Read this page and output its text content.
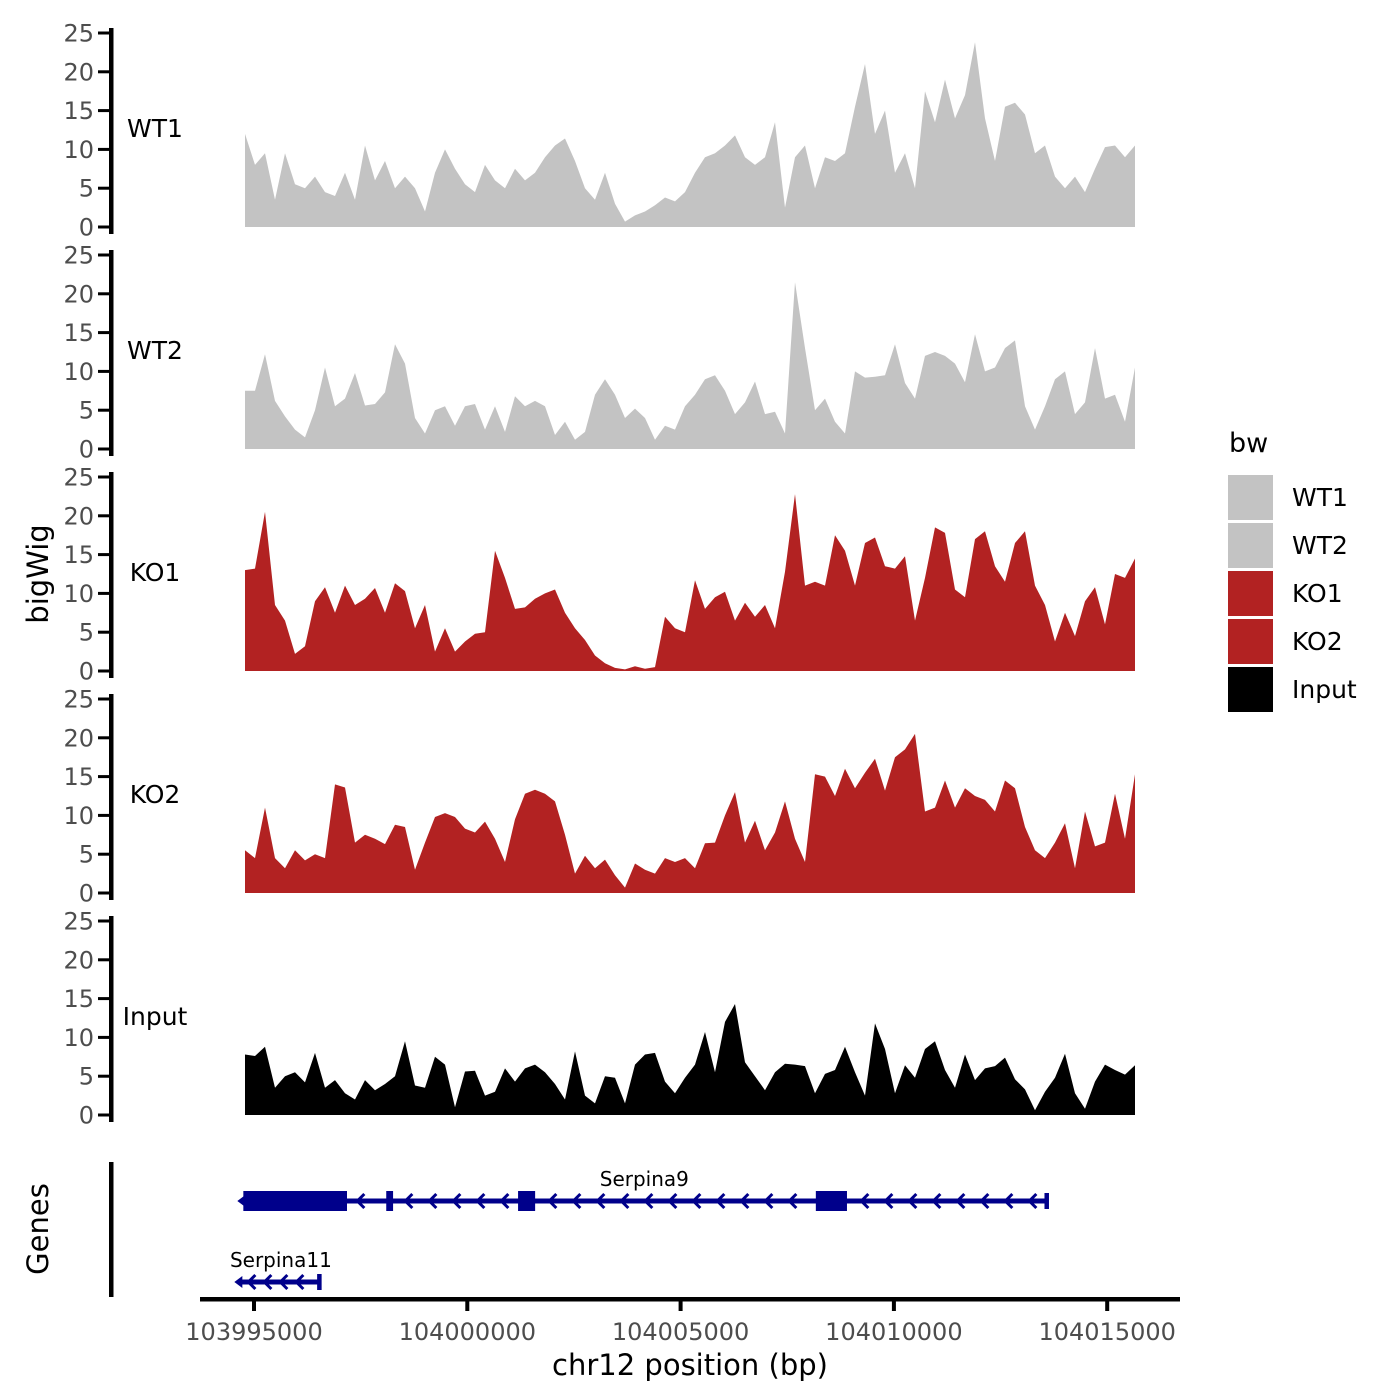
0
5
10
15
20
25
0
5
10
15
20
25
0
5
10
15
20
25
0
5
10
15
20
25
0
5
10
15
20
25
Serpina9
Serpina11
103995000	104000000	104005000	104010000	104015000
bigWig
Genes
chr12 position (bp)
WT1
WT2
KO1
KO2
Input
bw
WT1
WT2
KO1
KO2
Input
